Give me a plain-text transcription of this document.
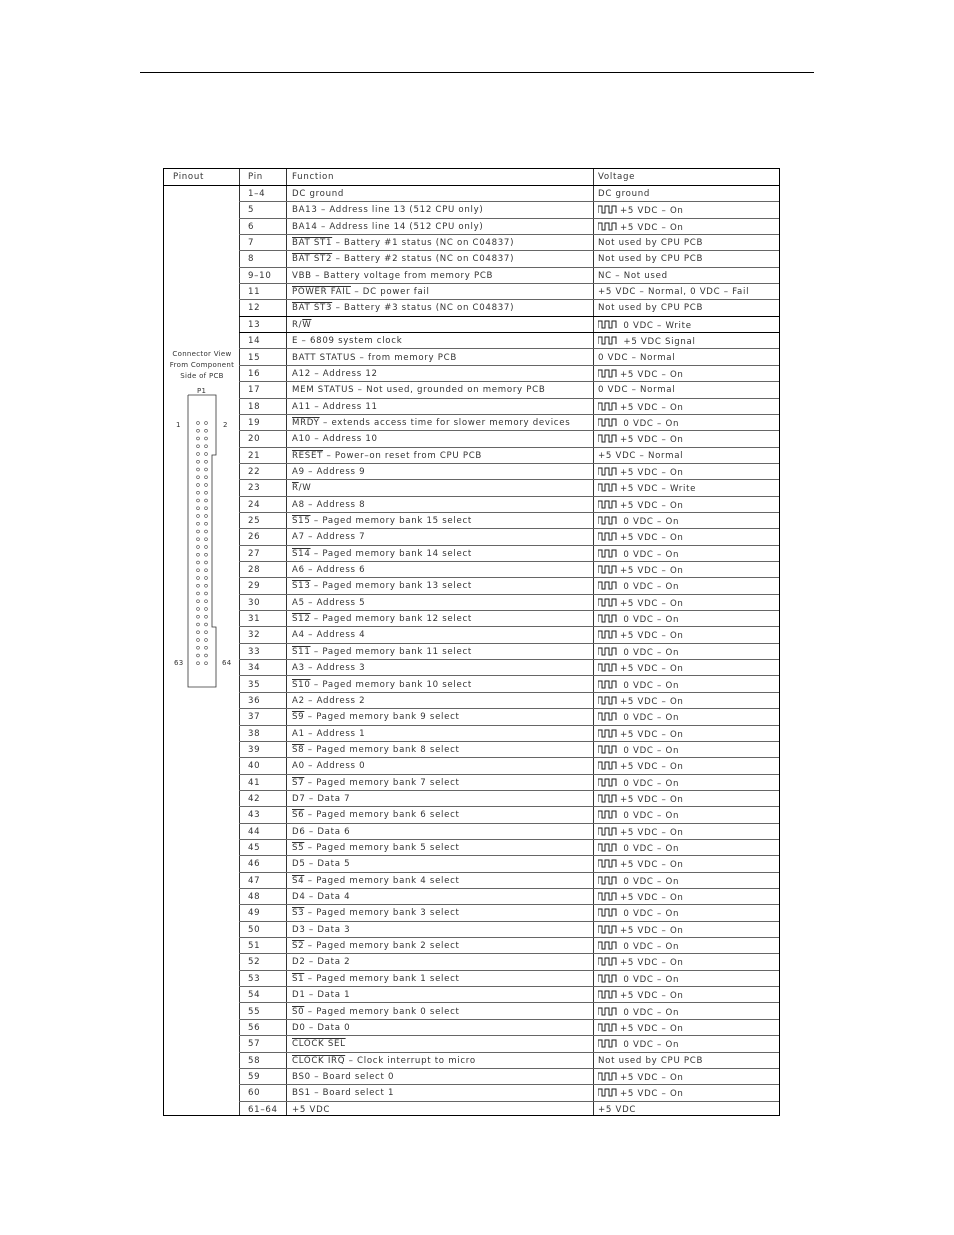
Pinout	Pin	Function	Voltage
Connector View
From Component
Side of PCB
P1
1	2
63	64
1–4	DC ground	DC ground
5	BA13 – Address line 13 (512 CPU only)	+5 VDC – On
6	BA14 – Address line 14 (512 CPU only)	+5 VDC – On
7	BAT ST1 – Battery #1 status (NC on C04837)	Not used by CPU PCB
8	BAT ST2 – Battery #2 status (NC on C04837)	Not used by CPU PCB
9–10 VBB – Battery voltage from memory PCB	NC – Not used
11	POWER FAIL – DC power fail	+5 VDC – Normal, 0 VDC – Fail
12	BAT ST3 – Battery #3 status (NC on C04837)	Not used by CPU PCB
13	$R/\overline{W}$	0 VDC – Write
14	E – 6809 system clock	+5 VDC Signal
15	BATT STATUS – from memory PCB	0 VDC – Normal
16	A12 – Address 12	+5 VDC – On
17	MEM STATUS – Not used, grounded on memory PCB	0 VDC – Normal
18	A11 – Address 11	+5 VDC – On
19	MRDY – extends access time for slower memory devices	0 VDC – On
20	A10 – Address 10	+5 VDC – On
21	RESET – Power–on reset from CPU PCB	+5 VDC – Normal
22	A9 – Address 9	+5 VDC – On
23	$\overline{R}/W$	+5 VDC – Write
24	A8 – Address 8	+5 VDC – On
25	S15 – Paged memory bank 15 select	0 VDC – On
26	A7 – Address 7	+5 VDC – On
27	S14 – Paged memory bank 14 select	0 VDC – On
28	A6 – Address 6	+5 VDC – On
29	S13 – Paged memory bank 13 select	0 VDC – On
30	A5 – Address 5	+5 VDC – On
31	S12 – Paged memory bank 12 select	0 VDC – On
32	A4 – Address 4	+5 VDC – On
33	S11 – Paged memory bank 11 select	0 VDC – On
34	A3 – Address 3	+5 VDC – On
35	S10 – Paged memory bank 10 select	0 VDC – On
36	A2 – Address 2	+5 VDC – On
37	S9 – Paged memory bank 9 select	0 VDC – On
38	A1 – Address 1	+5 VDC – On
39	S8 – Paged memory bank 8 select	0 VDC – On
40	A0 – Address 0	+5 VDC – On
41	S7 – Paged memory bank 7 select	0 VDC – On
42	D7 – Data 7	+5 VDC – On
43	S6 – Paged memory bank 6 select	0 VDC – On
44	D6 – Data 6	+5 VDC – On
45	S5 – Paged memory bank 5 select	0 VDC – On
46	D5 – Data 5	+5 VDC – On
47	S4 – Paged memory bank 4 select	0 VDC – On
48	D4 – Data 4	+5 VDC – On
49	S3 – Paged memory bank 3 select	0 VDC – On
50	D3 – Data 3	+5 VDC – On
51	S2 – Paged memory bank 2 select	0 VDC – On
52	D2 – Data 2	+5 VDC – On
53	S1 – Paged memory bank 1 select	0 VDC – On
54	D1 – Data 1	+5 VDC – On
55	S0 – Paged memory bank 0 select	0 VDC – On
56	D0 – Data 0	+5 VDC – On
57	CLOCK SEL	0 VDC – On
58	CLOCK IRQ – Clock interrupt to micro	Not used by CPU PCB
59	BS0 – Board select 0	+5 VDC – On
60	BS1 – Board select 1	+5 VDC – On
61–64 +5 VDC	+5 VDC
